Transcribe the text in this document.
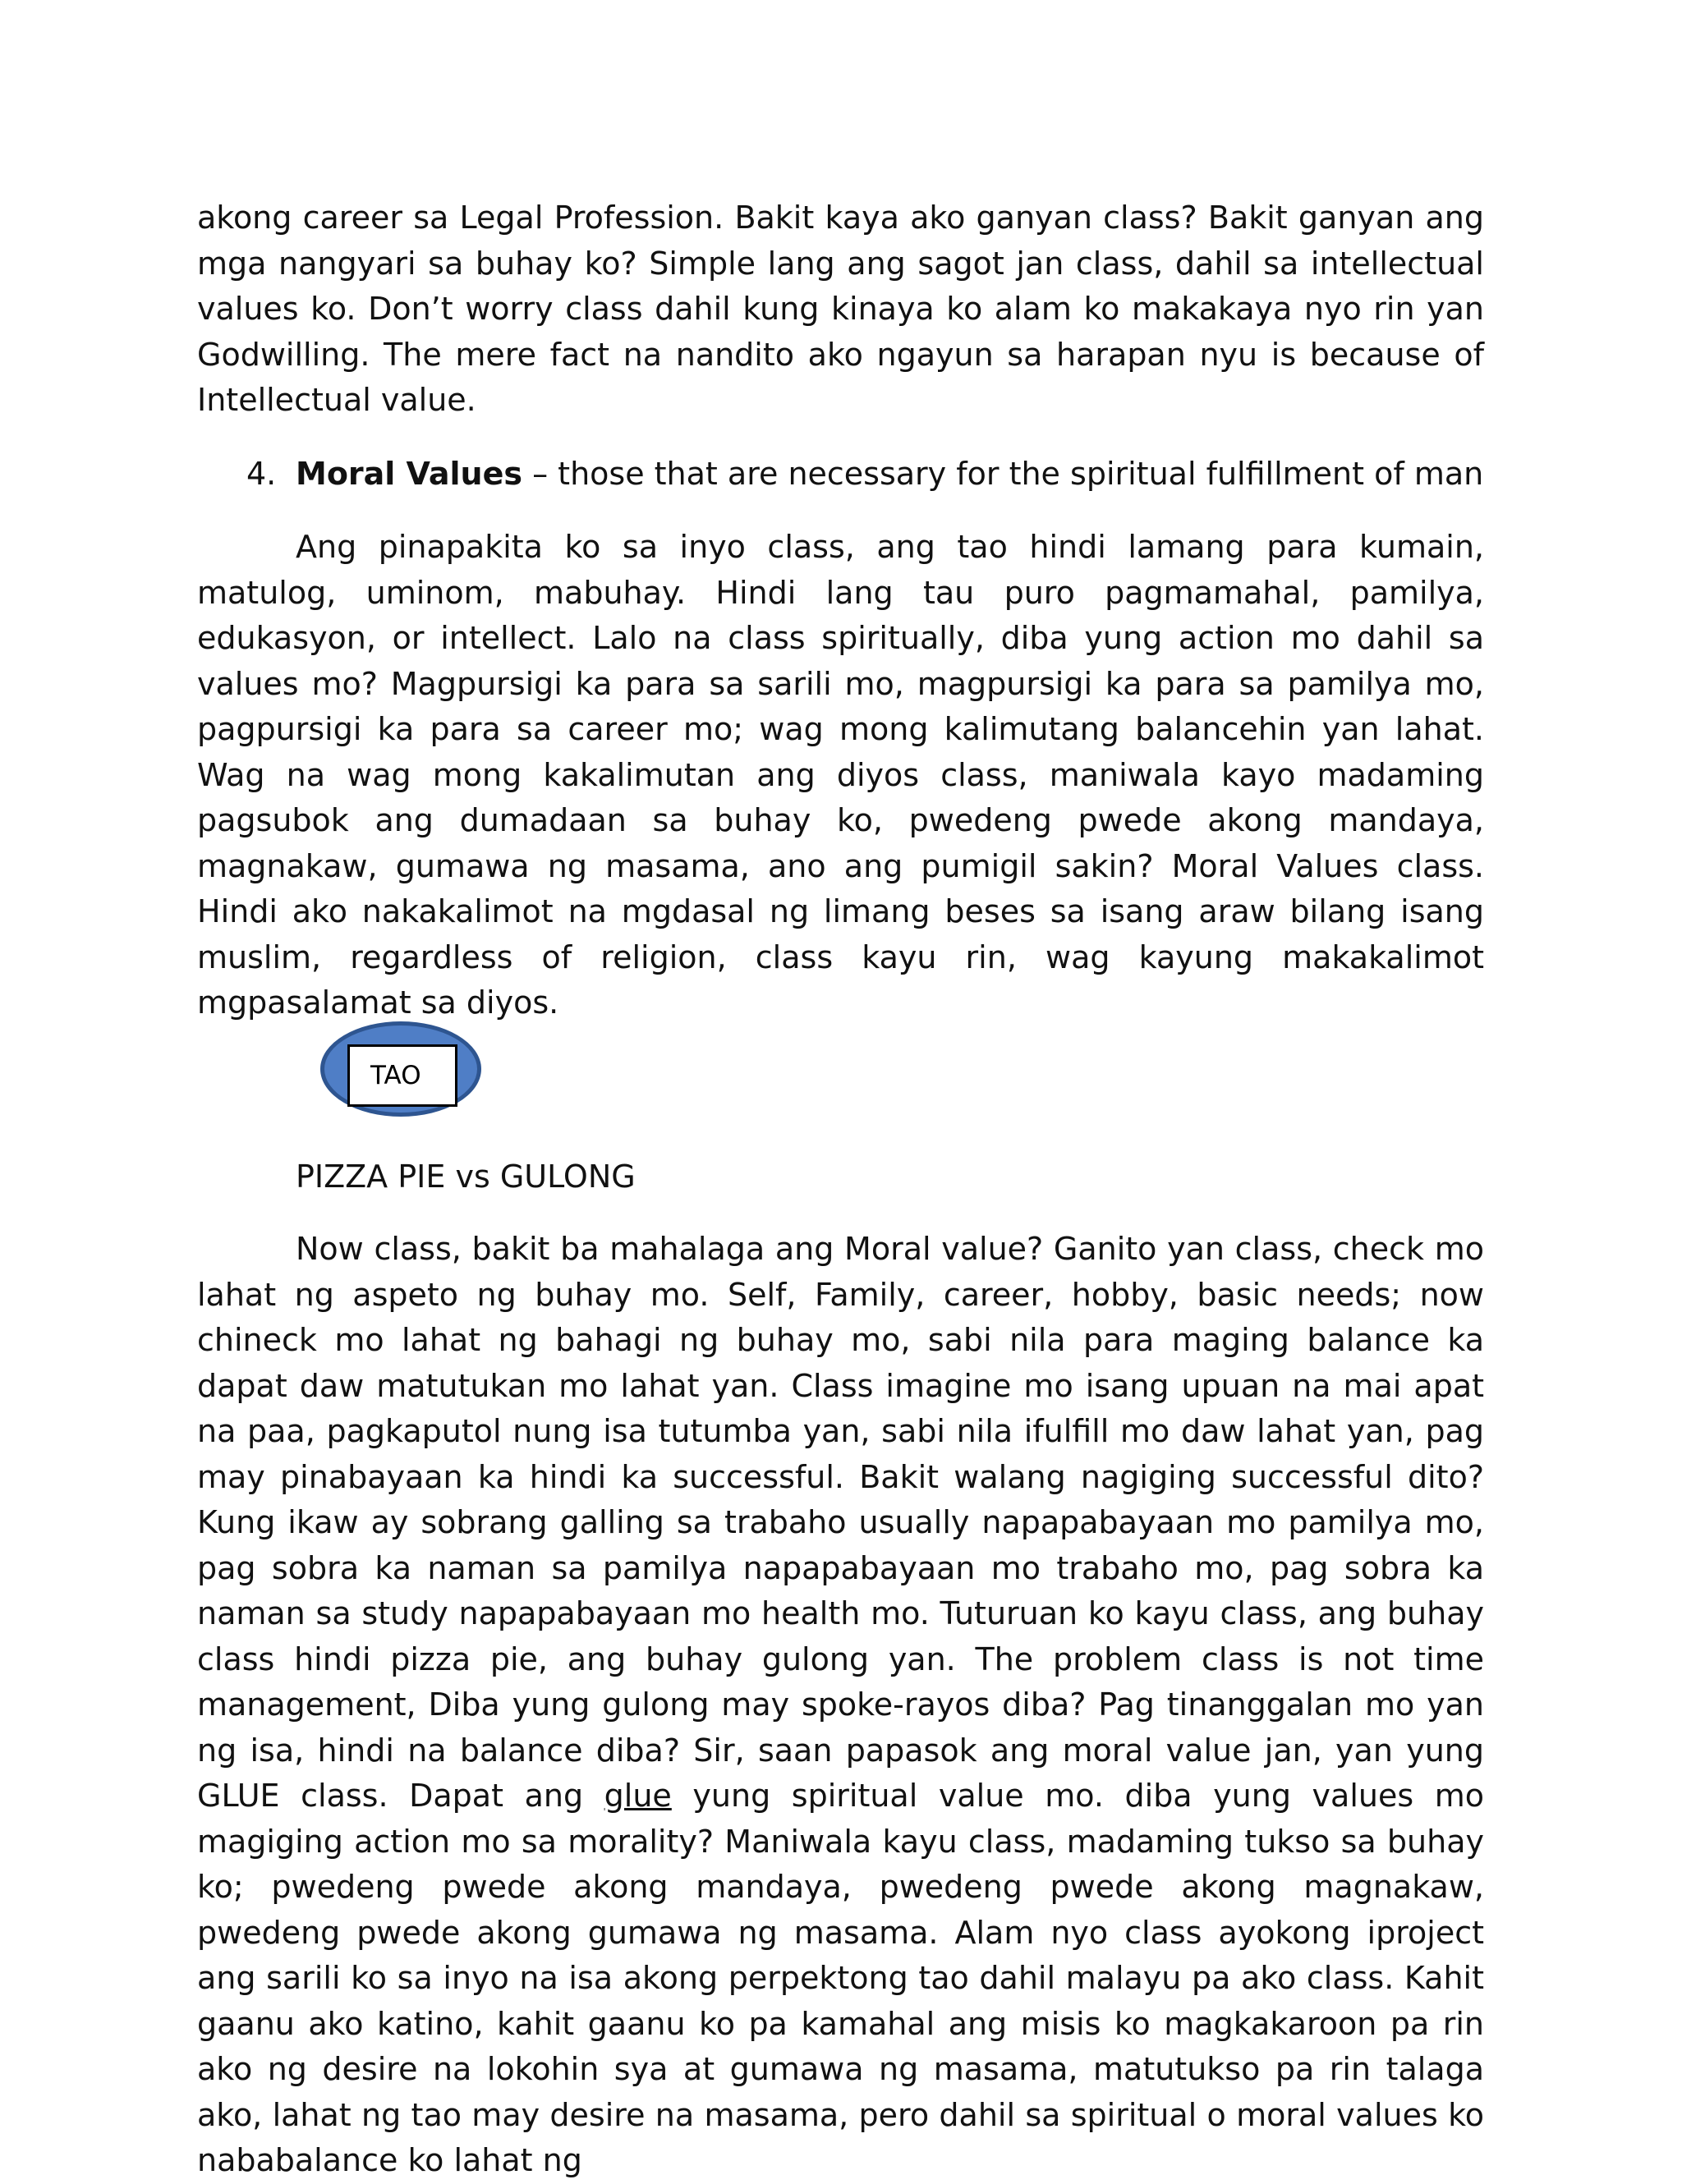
akong career sa Legal Profession. Bakit kaya ako ganyan class? Bakit ganyan ang mga nangyari sa buhay ko? Simple lang ang sagot jan class, dahil sa intellectual values ko. Don’t worry class dahil kung kinaya ko alam ko makakaya nyo rin yan Godwilling. The mere fact na nandito ako ngayun sa harapan nyu is because of Intellectual value.

4. Moral Values – those that are necessary for the spiritual fulfillment of man

Ang pinapakita ko sa inyo class, ang tao hindi lamang para kumain, matulog, uminom, mabuhay. Hindi lang tau puro pagmamahal, pamilya, edukasyon, or intellect. Lalo na class spiritually, diba yung action mo dahil sa values mo? Magpursigi ka para sa sarili mo, magpursigi ka para sa pamilya mo, pagpursigi ka para sa career mo; wag mong kalimutang balancehin yan lahat. Wag na wag mong kakalimutan ang diyos class, maniwala kayo madaming pagsubok ang dumadaan sa buhay ko, pwedeng pwede akong mandaya, magnakaw, gumawa ng masama, ano ang pumigil sakin? Moral Values class. Hindi ako nakakalimot na mgdasal ng limang beses sa isang araw bilang isang muslim, regardless of religion, class kayu rin, wag kayung makakalimot mgpasalamat sa diyos.

TAO

PIZZA PIE vs GULONG

Now class, bakit ba mahalaga ang Moral value? Ganito yan class, check mo lahat ng aspeto ng buhay mo. Self, Family, career, hobby, basic needs; now chineck mo lahat ng bahagi ng buhay mo, sabi nila para maging balance ka dapat daw matutukan mo lahat yan. Class imagine mo isang upuan na mai apat na paa, pagkaputol nung isa tutumba yan, sabi nila ifulfill mo daw lahat yan, pag may pinabayaan ka hindi ka successful. Bakit walang nagiging successful dito? Kung ikaw ay sobrang galling sa trabaho usually napapabayaan mo pamilya mo, pag sobra ka naman sa pamilya napapabayaan mo trabaho mo, pag sobra ka naman sa study napapabayaan mo health mo. Tuturuan ko kayu class, ang buhay class hindi pizza pie, ang buhay gulong yan. The problem class is not time management, Diba yung gulong may spoke-rayos diba? Pag tinanggalan mo yan ng isa, hindi na balance diba? Sir, saan papasok ang moral value jan, yan yung GLUE class. Dapat ang glue yung spiritual value mo. diba yung values mo magiging action mo sa morality? Maniwala kayu class, madaming tukso sa buhay ko; pwedeng pwede akong mandaya, pwedeng pwede akong magnakaw, pwedeng pwede akong gumawa ng masama. Alam nyo class ayokong iproject ang sarili ko sa inyo na isa akong perpektong tao dahil malayu pa ako class. Kahit gaanu ako katino, kahit gaanu ko pa kamahal ang misis ko magkakaroon pa rin ako ng desire na lokohin sya at gumawa ng masama, matutukso pa rin talaga ako, lahat ng tao may desire na masama, pero dahil sa spiritual o moral values ko nababalance ko lahat ng
